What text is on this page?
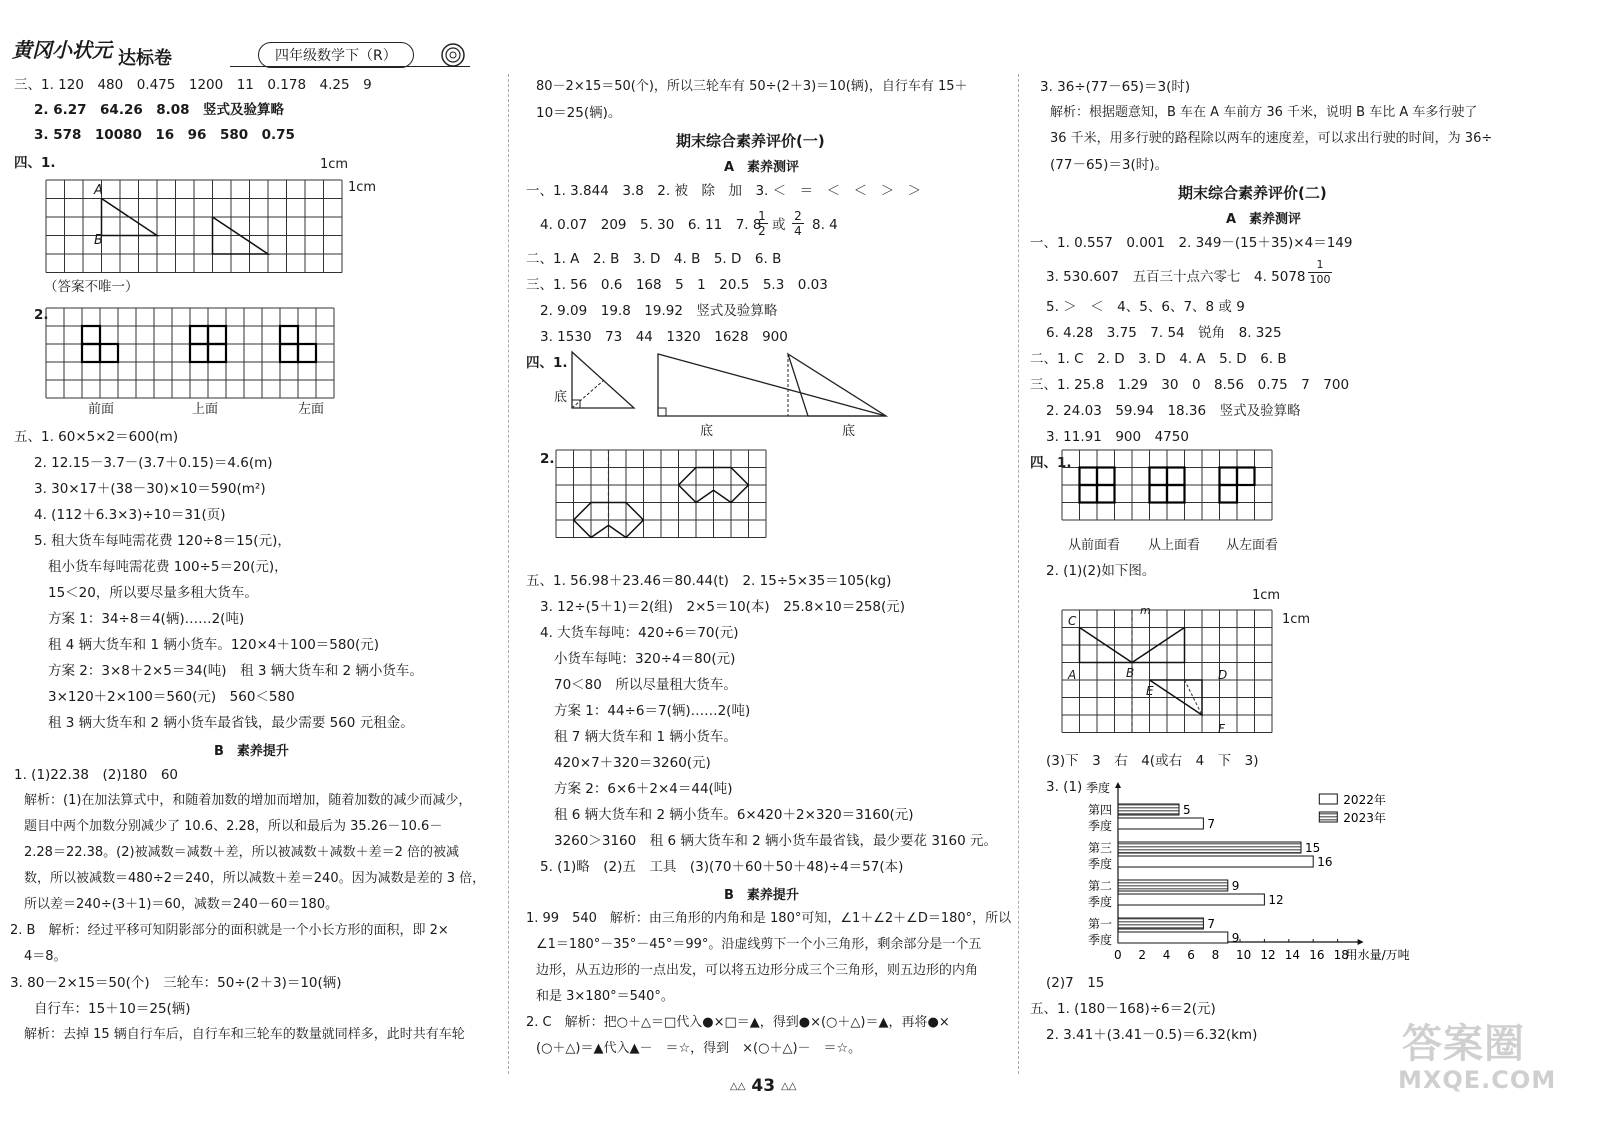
黄冈小状元 达标卷	四年级数学下（R）
三、1. 120　480　0.475　1200　11　0.178　4.25　9
2. 6.27　64.26　8.08　竖式及验算略
3. 578　10080　16　96　580　0.75
四、1.	1cm
1cm
A
B
（答案不唯一）
2.
前面	上面	左面
五、1. 60×5×2＝600(m)
2. 12.15－3.7－(3.7＋0.15)＝4.6(m)
3. 30×17＋(38－30)×10＝590(m²)
4. (112＋6.3×3)÷10＝31(页)
5. 租大货车每吨需花费 120÷8＝15(元)，
租小货车每吨需花费 100÷5＝20(元)，
15＜20，所以要尽量多租大货车。
方案 1：34÷8＝4(辆)……2(吨)
租 4 辆大货车和 1 辆小货车。120×4＋100＝580(元)
方案 2：3×8＋2×5＝34(吨)　租 3 辆大货车和 2 辆小货车。
3×120＋2×100＝560(元)　560＜580
租 3 辆大货车和 2 辆小货车最省钱，最少需要 560 元租金。
B　素养提升
1. (1)22.38　(2)180　60
解析：(1)在加法算式中，和随着加数的增加而增加，随着加数的减少而减少，
题目中两个加数分别减少了 10.6、2.28，所以和最后为 35.26－10.6－
2.28＝22.38。(2)被减数＝减数＋差，所以被减数＋减数＋差＝2 倍的被减
数，所以被减数＝480÷2＝240，所以减数＋差＝240。因为减数是差的 3 倍，
所以差＝240÷(3＋1)＝60，减数＝240－60＝180。
2. B　解析：经过平移可知阴影部分的面积就是一个小长方形的面积，即 2×
4＝8。
3. 80－2×15＝50(个)　三轮车：50÷(2＋3)＝10(辆)
自行车：15＋10＝25(辆)
解析：去掉 15 辆自行车后，自行车和三轮车的数量就同样多，此时共有车轮
80－2×15＝50(个)，所以三轮车有 50÷(2＋3)＝10(辆)，自行车有 15＋
10＝25(辆)。
期末综合素养评价(一)
A　素养测评
一、1. 3.844　3.8　2. 被　除　加　3. ＜　＝　＜　＜　＞　＞
4. 0.07　209　5. 30　6. 11　7. 8
1
2 或
2
4 8. 4
二、1. A　2. B　3. D　4. B　5. D　6. B
三、1. 56　0.6　168　5　1　20.5　5.3　0.03
2. 9.09　19.8　19.92　竖式及验算略
3. 1530　73　44　1320　1628　900
四、1.
底
底	底
2.
五、1. 56.98＋23.46＝80.44(t)　2. 15÷5×35＝105(kg)
3. 12÷(5＋1)＝2(组)　2×5＝10(本)　25.8×10＝258(元)
4. 大货车每吨：420÷6＝70(元)
小货车每吨：320÷4＝80(元)
70＜80　所以尽量租大货车。
方案 1：44÷6＝7(辆)……2(吨)
租 7 辆大货车和 1 辆小货车。
420×7＋320＝3260(元)
方案 2：6×6＋2×4＝44(吨)
租 6 辆大货车和 2 辆小货车。6×420＋2×320＝3160(元)
3260＞3160　租 6 辆大货车和 2 辆小货车最省钱，最少要花 3160 元。
5. (1)略　(2)五　工具　(3)(70＋60＋50＋48)÷4＝57(本)
B　素养提升
1. 99　540　解析：由三角形的内角和是 180°可知，∠1＋∠2＋∠D＝180°，所以
∠1＝180°－35°－45°＝99°。沿虚线剪下一个小三角形，剩余部分是一个五
边形，从五边形的一点出发，可以将五边形分成三个三角形，则五边形的内角
和是 3×180°＝540°。
2. C　解析：把○＋△＝□代入●×□＝▲，得到●×(○＋△)＝▲，再将●×
(○＋△)＝▲代入▲－　＝☆，得到　×(○＋△)－　＝☆。
△△ 43 △△
3. 36÷(77－65)＝3(时)
解析：根据题意知，B 车在 A 车前方 36 千米，说明 B 车比 A 车多行驶了
36 千米，用多行驶的路程除以两车的速度差，可以求出行驶的时间，为 36÷
(77－65)＝3(时)。
期末综合素养评价(二)
A　素养测评
一、1. 0.557　0.001　2. 349－(15＋35)×4＝149
3. 530.607　五百三十点六零七　4. 5078
1
100
5. ＞　＜　4、5、6、7、8 或 9
6. 4.28　3.75　7. 54　锐角　8. 325
二、1. C　2. D　3. D　4. A　5. D　6. B
三、1. 25.8　1.29　30　0　8.56　0.75　7　700
2. 24.03　59.94　18.36　竖式及验算略
3. 11.91　900　4750
四、1.
从前面看 从上面看 从左面看
2. (1)(2)如下图。
1cm
1cm
m
C
A	B	D
E
F
(3)下　3　右　4(或右　4　下　3)
3. (1) 季度
用水量/万吨
0 2 4 6 8 10 12 14 16 18
第四
季度
5
7
第三
季度
15
16
第二
季度
9
12
第一
季度
7
9
2022年
2023年
(2)7　15
五、1. (180－168)÷6＝2(元)
2. 3.41＋(3.41－0.5)＝6.32(km)	答案圈
MXQE.COM
